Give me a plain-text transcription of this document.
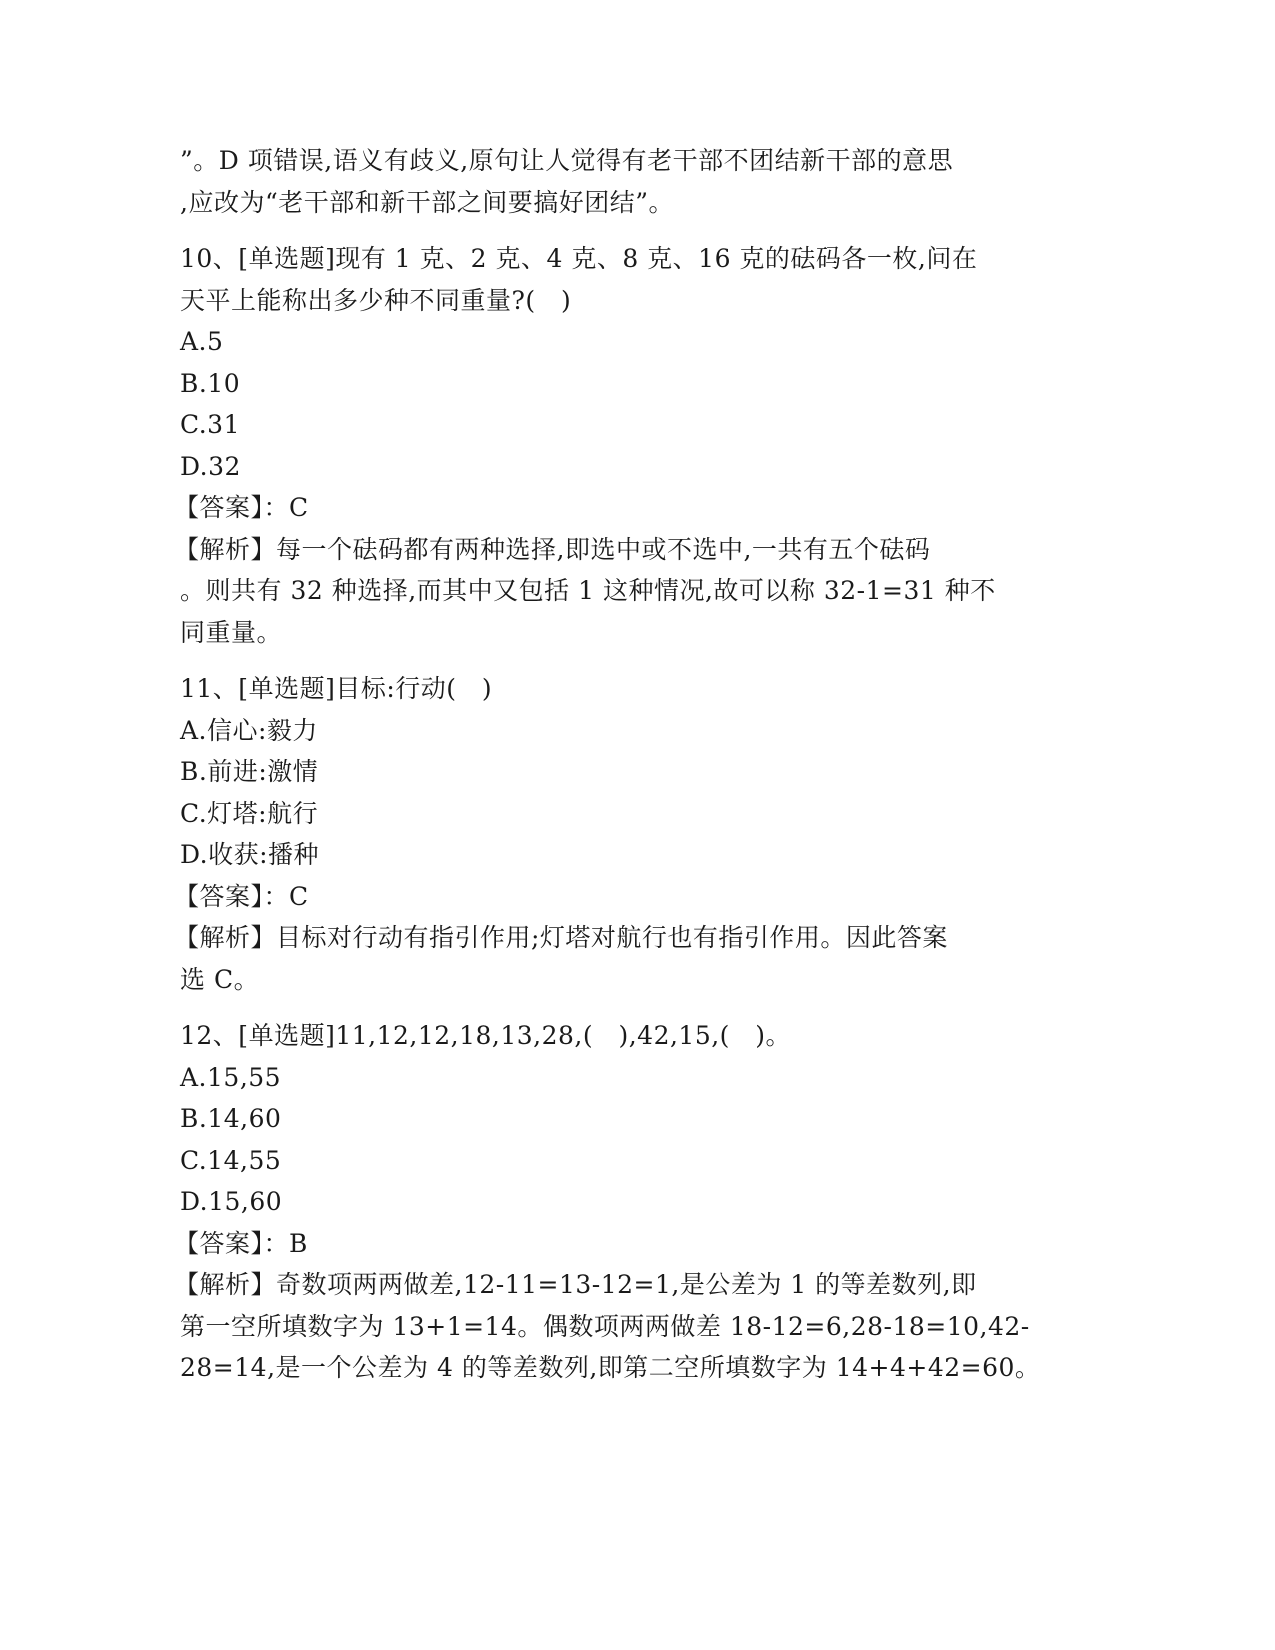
”。D 项错误,语义有歧义,原句让人觉得有老干部不团结新干部的意思
,应改为“老干部和新干部之间要搞好团结”。
10、[单选题]现有 1 克、2 克、4 克、8 克、16 克的砝码各一枚,问在
天平上能称出多少种不同重量?(   )
A.5
B.10
C.31
D.32
【答案】：C
【解析】每一个砝码都有两种选择,即选中或不选中,一共有五个砝码
。则共有 32 种选择,而其中又包括 1 这种情况,故可以称 32-1=31 种不
同重量。
11、[单选题]目标:行动(   )
A.信心:毅力
B.前进:激情
C.灯塔:航行
D.收获:播种
【答案】：C
【解析】目标对行动有指引作用;灯塔对航行也有指引作用。因此答案
选 C。
12、[单选题]11,12,12,18,13,28,(   ),42,15,(   )。
A.15,55
B.14,60
C.14,55
D.15,60
【答案】：B
【解析】奇数项两两做差,12-11=13-12=1,是公差为 1 的等差数列,即
第一空所填数字为 13+1=14。偶数项两两做差 18-12=6,28-18=10,42-
28=14,是一个公差为 4 的等差数列,即第二空所填数字为 14+4+42=60。
